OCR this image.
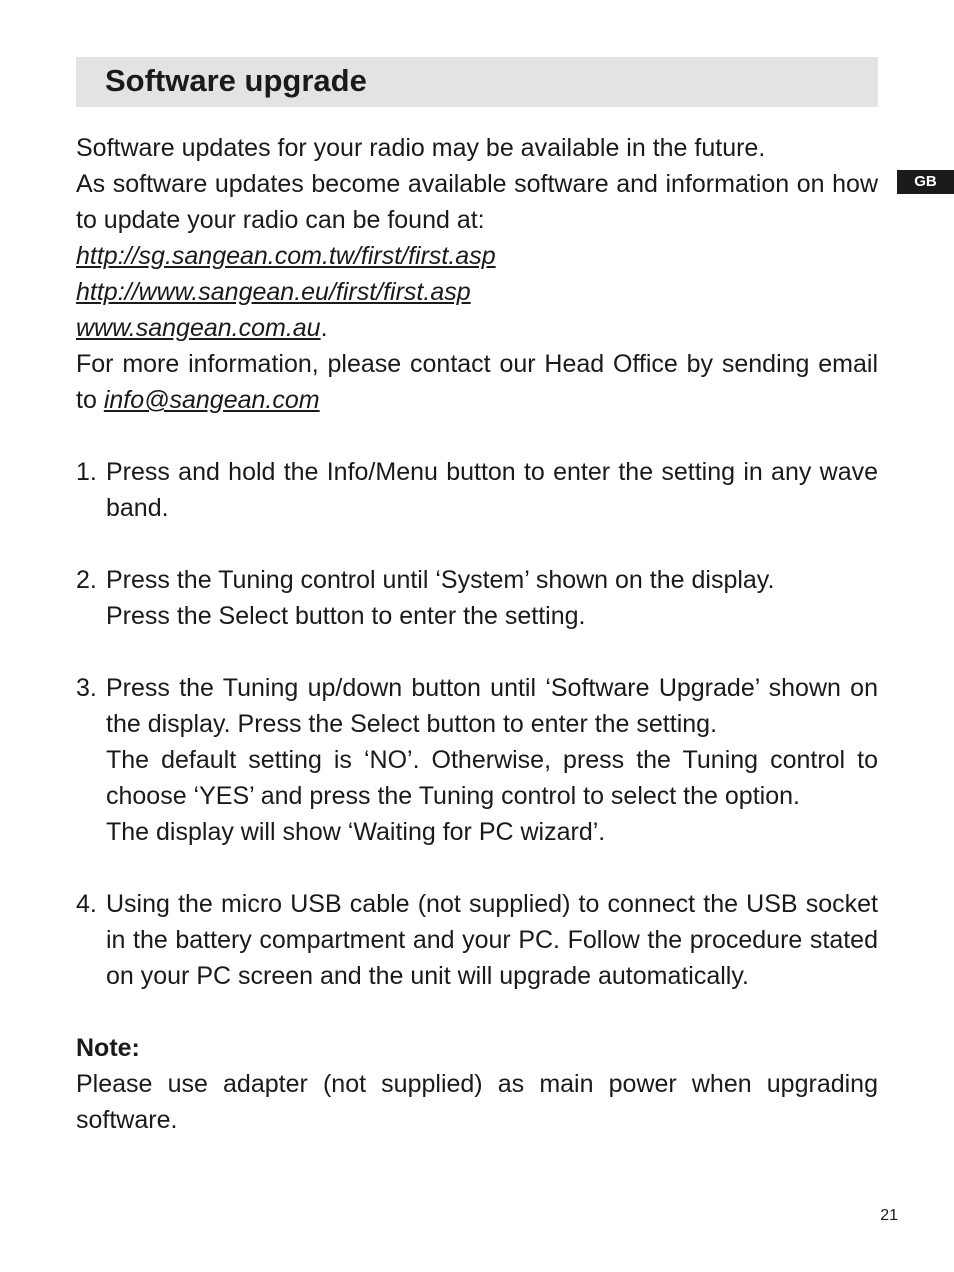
Software upgrade
GB

Software updates for your radio may be available in the future.

As software updates become available software and information on how to update your radio can be found at:

http://sg.sangean.com.tw/first/first.asp

http://www.sangean.eu/first/first.asp

www.sangean.com.au.

For more information, please contact our Head Office by sending email to info@sangean.com

1. Press and hold the Info/Menu button to enter the setting in any wave band.

2. Press the Tuning control until ‘System’ shown on the display.

Press the Select button to enter the setting.

3. Press the Tuning up/down button until ‘Software Upgrade’ shown on the display. Press the Select button to enter the setting.

The default setting is ‘NO’. Otherwise, press the Tuning control to choose ‘YES’ and press the Tuning control to select the option.

The display will show ‘Waiting for PC wizard’.

4. Using the micro USB cable (not supplied) to connect the USB socket in the battery compartment and your PC. Follow the procedure stated on your PC screen and the unit will upgrade automatically.

Note:

Please use adapter (not supplied) as main power when upgrading software.

21
